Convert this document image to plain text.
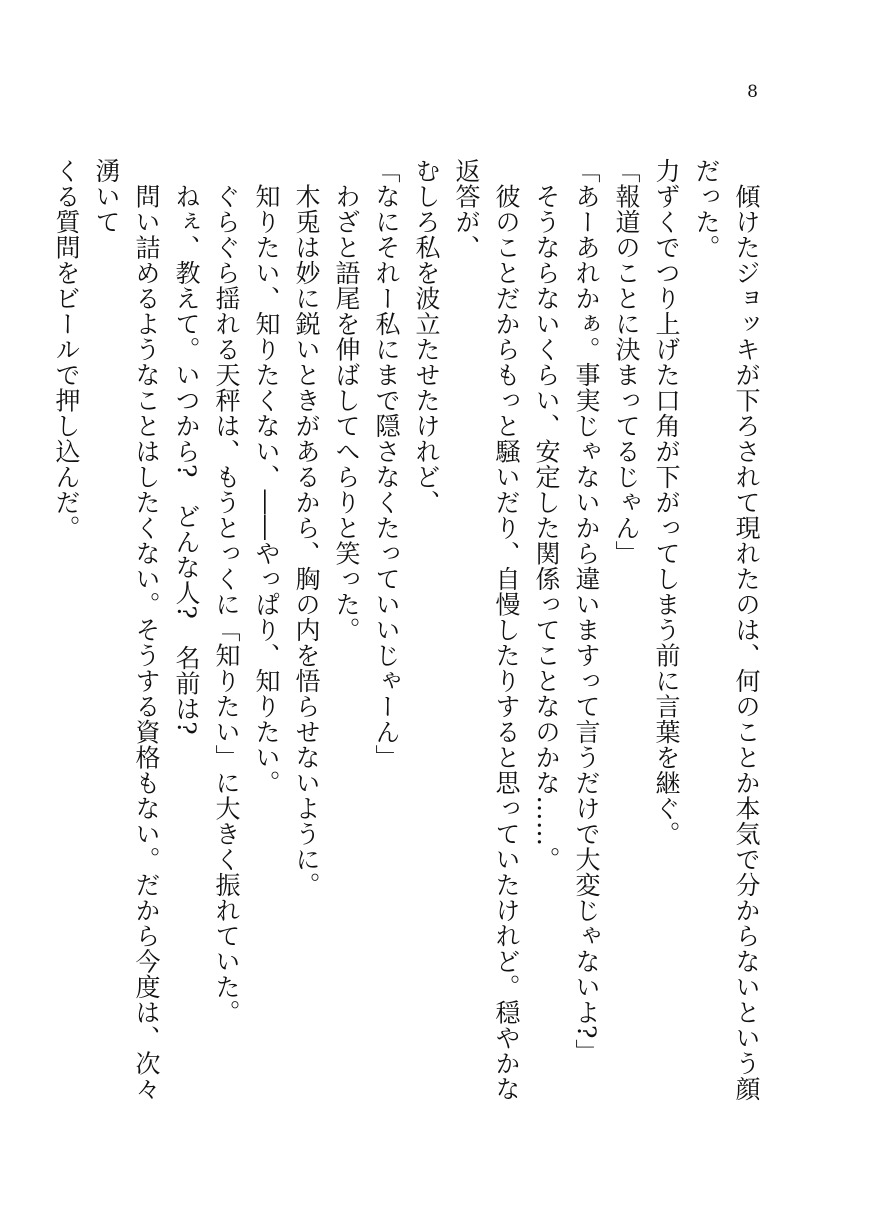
8

　傾けたジョッキが下ろされて現れたのは、何のことか本気で分からないという顔だった。

力ずくでつり上げた口角が下がってしまう前に言葉を継ぐ。

「報道のことに決まってるじゃん」

「あーあれかぁ。事実じゃないから違いますって言うだけで大変じゃないよ?」

　そうならないくらい、安定した関係ってことなのかな……。

　彼のことだからもっと騒いだり、自慢したりすると思っていたけれど。穏やかな返答が、

むしろ私を波立たせたけれど、

「なにそれー私にまで隠さなくたっていいじゃーん」

　わざと語尾を伸ばしてへらりと笑った。

　木兎は妙に鋭いときがあるから、胸の内を悟らせないように。

　知りたい、知りたくない、――やっぱり、知りたい。

　ぐらぐら揺れる天秤は、もうとっくに「知りたい」に大きく振れていた。

　ねぇ、教えて。いつから?　どんな人?　名前は?

　問い詰めるようなことはしたくない。そうする資格もない。だから今度は、次々湧いて

くる質問をビールで押し込んだ。
